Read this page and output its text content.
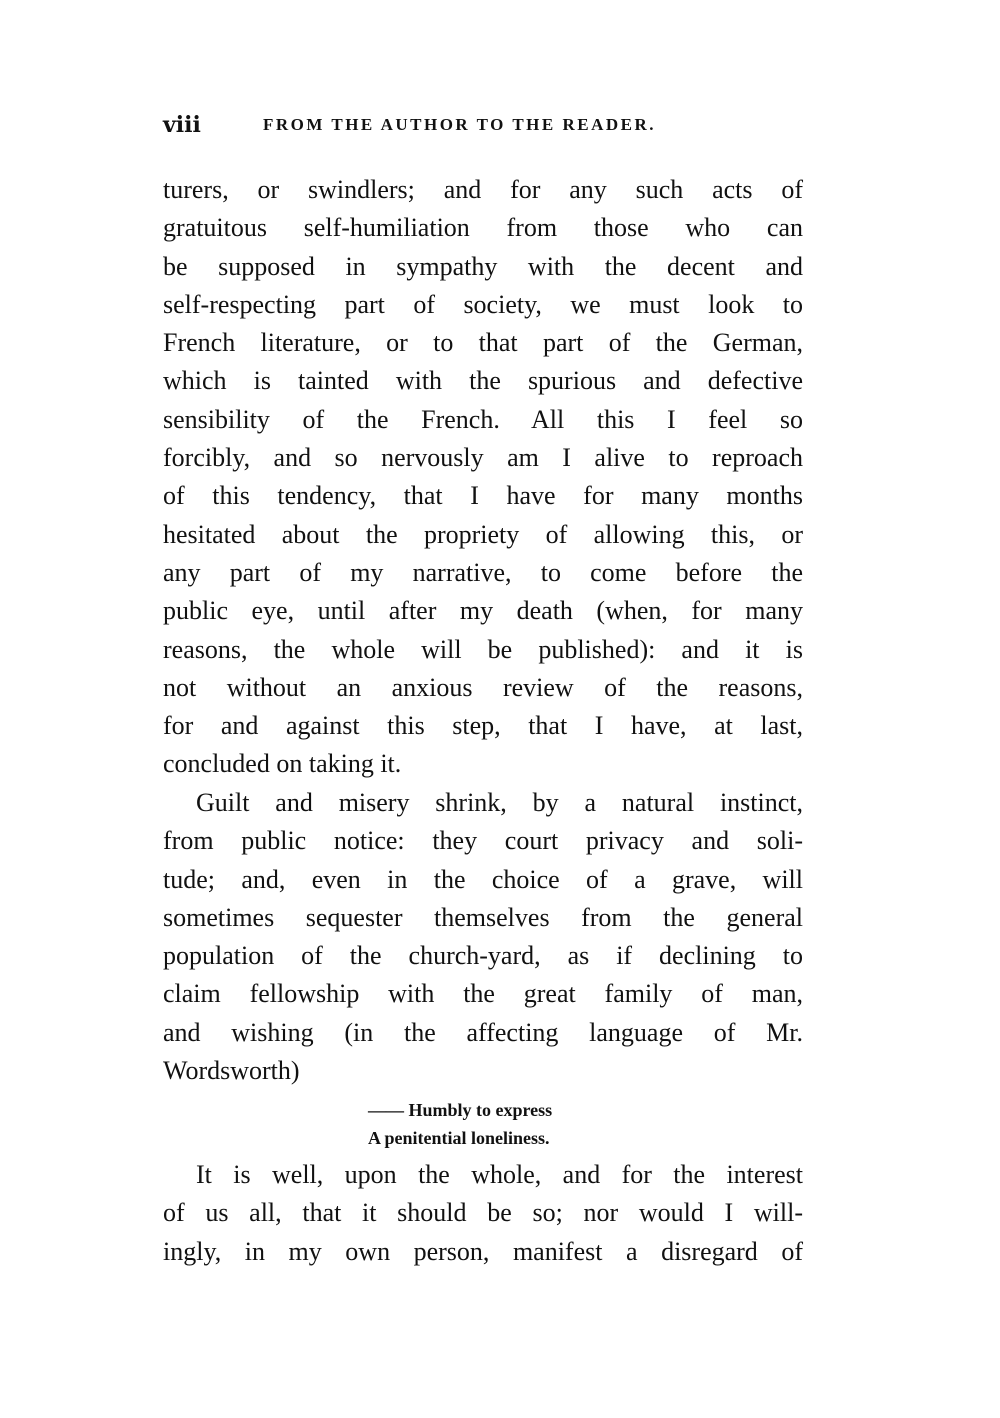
viii	FROM THE AUTHOR TO THE READER.
turers, or swindlers; and for any such acts of
gratuitous self-humiliation from those who can
be supposed in sympathy with the decent and
self-respecting part of society, we must look to
French literature, or to that part of the German,
which is tainted with the spurious and defective
sensibility of the French. All this I feel so
forcibly, and so nervously am I alive to reproach
of this tendency, that I have for many months
hesitated about the propriety of allowing this, or
any part of my narrative, to come before the
public eye, until after my death (when, for many
reasons, the whole will be published): and it is
not without an anxious review of the reasons,
for and against this step, that I have, at last,
concluded on taking it.
Guilt and misery shrink, by a natural instinct,
from public notice: they court privacy and soli-
tude; and, even in the choice of a grave, will
sometimes sequester themselves from the general
population of the church-yard, as if declining to
claim fellowship with the great family of man,
and wishing (in the affecting language of Mr.
Wordsworth)
—— Humbly to express
A penitential loneliness.
It is well, upon the whole, and for the interest
of us all, that it should be so; nor would I will-
ingly, in my own person, manifest a disregard of
